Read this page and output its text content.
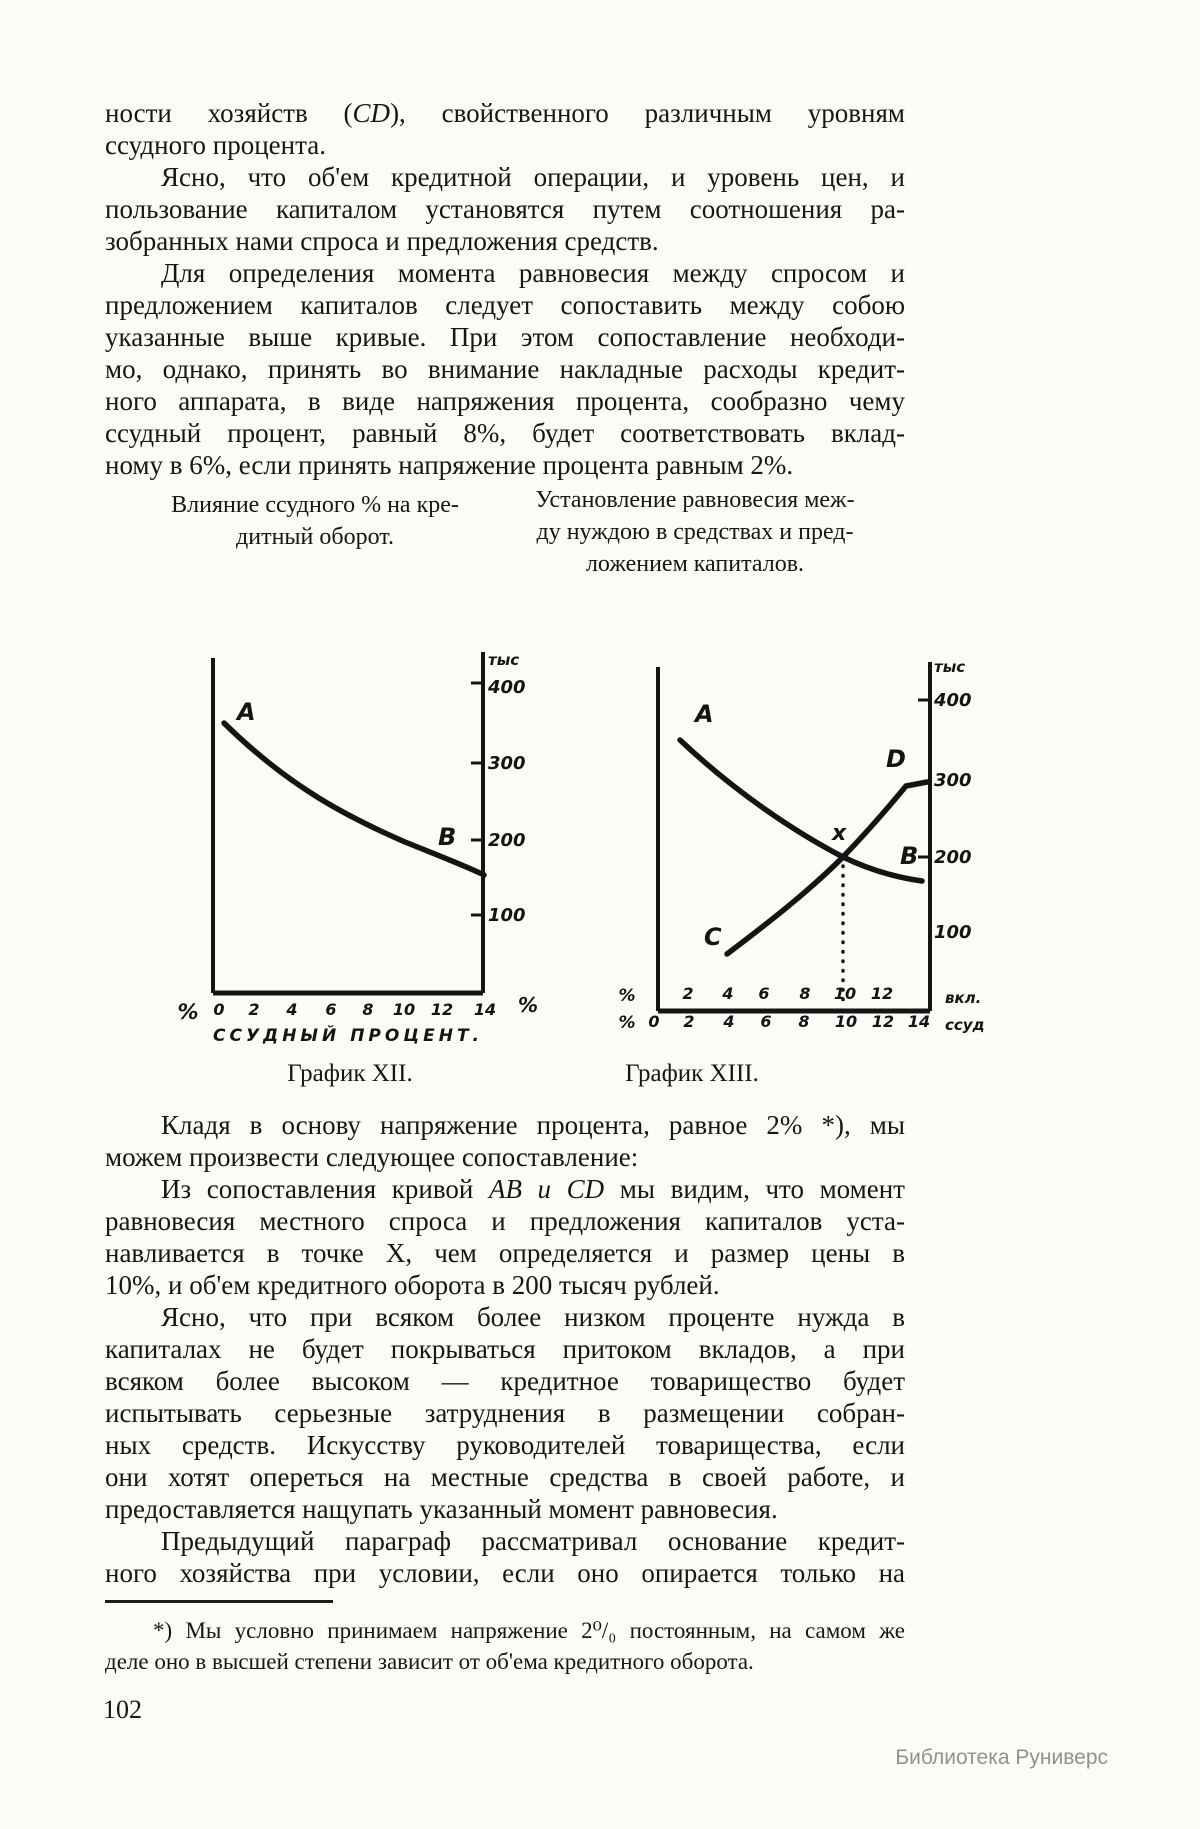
ности хозяйств (CD), свойственного различным уровням
ссудного процента.
Ясно, что об'ем кредитной операции, и уровень цен, и
пользование капиталом установятся путем соотношения ра-
зобранных нами спроса и предложения средств.
Для определения момента равновесия между спросом и
предложением капиталов следует сопоставить между собою
указанные выше кривые. При этом сопоставление необходи-
мо, однако, принять во внимание накладные расходы кредит-
ного аппарата, в виде напряжения процента, сообразно чему
ссудный процент, равный 8%, будет соответствовать вклад-
ному в 6%, если принять напряжение процента равным 2%.
Влияние ссудного % на кре-
дитный оборот.
Установление равновесия меж-
ду нуждою в средствах и пред-
ложением капиталов.
тыс
400
300
200
100
A
B
% 0 2 4 6 8 10 12 14 %
ССУДНЫЙ ПРОЦЕНТ.
тыс
400
300
200
100
A
B
C
D
x
%	2 4 6 8 10 12	вкл.
% 0 2 4 6 8 10 12 14 ссуд
График XII.	График XIII.
Кладя в основу напряжение процента, равное 2% *), мы
можем произвести следующее сопоставление:
Из сопоставления кривой AB и CD мы видим, что момент
равновесия местного спроса и предложения капиталов уста-
навливается в точке X, чем определяется и размер цены в
10%, и об'ем кредитного оборота в 200 тысяч рублей.
Ясно, что при всяком более низком проценте нужда в
капиталах не будет покрываться притоком вкладов, а при
всяком более высоком — кредитное товарищество будет
испытывать серьезные затруднения в размещении собран-
ных средств. Искусству руководителей товарищества, если
они хотят опереться на местные средства в своей работе, и
предоставляется нащупать указанный момент равновесия.
Предыдущий параграф рассматривал основание кредит-
ного хозяйства при условии, если оно опирается только на
*) Мы условно принимаем напряжение 2⁰/₀ постоянным, на самом же
деле оно в высшей степени зависит от об'ема кредитного оборота.
102
Библиотека Руниверс
